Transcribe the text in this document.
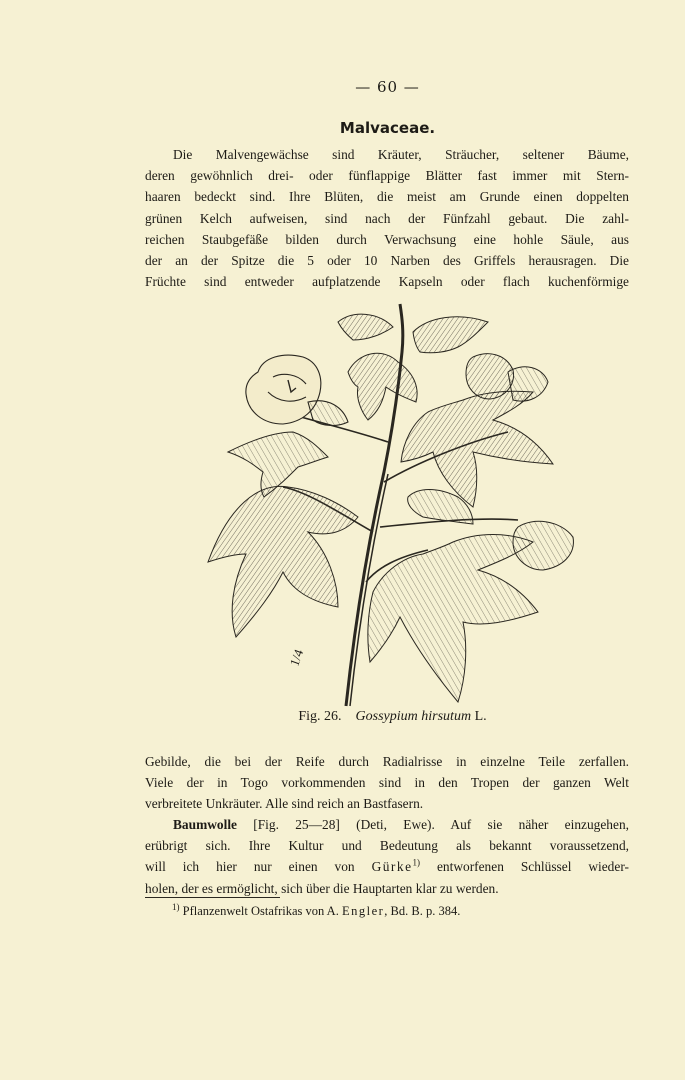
— 60 —
Malvaceae.
Die Malvengewächse sind Kräuter, Sträucher, seltener Bäume,
deren gewöhnlich drei- oder fünflappige Blätter fast immer mit Stern-
haaren bedeckt sind. Ihre Blüten, die meist am Grunde einen doppelten
grünen Kelch aufweisen, sind nach der Fünfzahl gebaut. Die zahl-
reichen Staubgefäße bilden durch Verwachsung eine hohle Säule, aus
der an der Spitze die 5 oder 10 Narben des Griffels herausragen. Die
Früchte sind entweder aufplatzende Kapseln oder flach kuchenförmige
1/4
Fig. 26. Gossypium hirsutum L.
Gebilde, die bei der Reife durch Radialrisse in einzelne Teile zerfallen.
Viele der in Togo vorkommenden sind in den Tropen der ganzen Welt
verbreitete Unkräuter. Alle sind reich an Bastfasern.
Baumwolle [Fig. 25—28] (Deti, Ewe). Auf sie näher einzugehen,
erübrigt sich. Ihre Kultur und Bedeutung als bekannt voraussetzend,
will ich hier nur einen von Gürke$^{1)}$ entworfenen Schlüssel wieder-
holen, der es ermöglicht, sich über die Hauptarten klar zu werden.
$^{1)}$ Pflanzenwelt Ostafrikas von A. Engler, Bd. B. p. 384.
